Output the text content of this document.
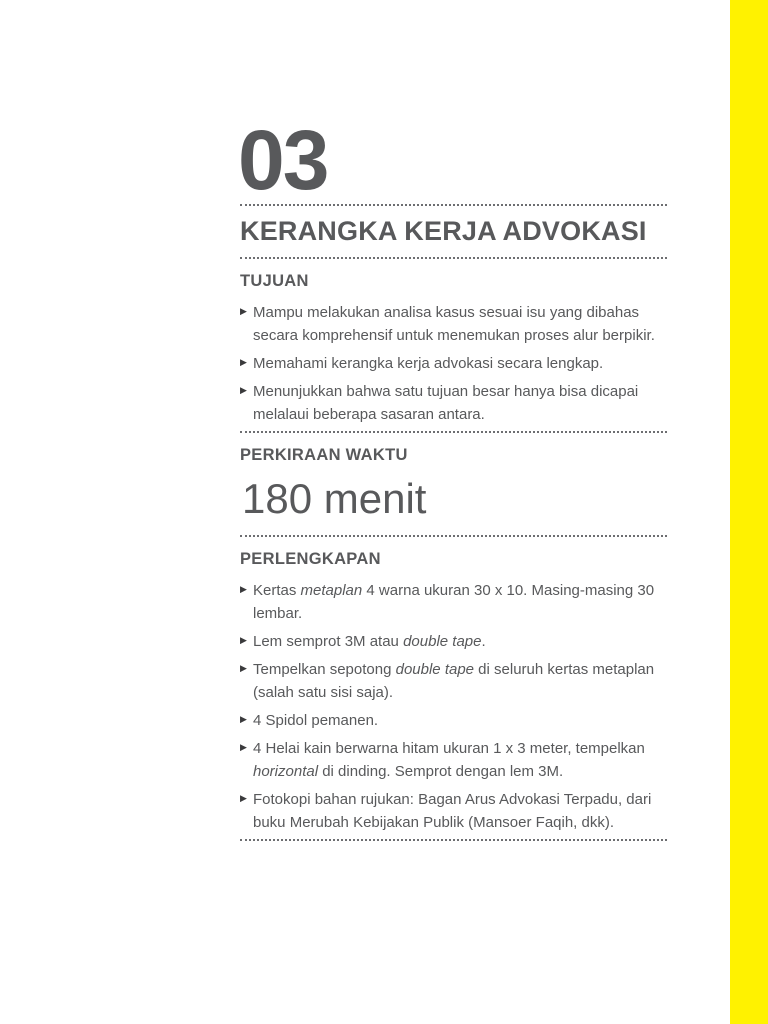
03
KERANGKA KERJA ADVOKASI
TUJUAN
▶ Mampu melakukan analisa kasus sesuai isu yang dibahas secara komprehensif untuk menemukan proses alur berpikir.
▶ Memahami kerangka kerja advokasi secara lengkap.
▶ Menunjukkan bahwa satu tujuan besar hanya bisa dicapai melalaui beberapa sasaran antara.
PERKIRAAN WAKTU
180 menit
PERLENGKAPAN
▶ Kertas metaplan 4 warna ukuran 30 x 10. Masing-masing 30 lembar.
▶ Lem semprot 3M atau double tape.
▶ Tempelkan sepotong double tape di seluruh kertas metaplan (salah satu sisi saja).
▶ 4 Spidol pemanen.
▶ 4 Helai kain berwarna hitam ukuran 1 x 3 meter, tempelkan horizontal di dinding. Semprot dengan lem 3M.
▶ Fotokopi bahan rujukan: Bagan Arus Advokasi Terpadu, dari buku Merubah Kebijakan Publik (Mansoer Faqih, dkk).
